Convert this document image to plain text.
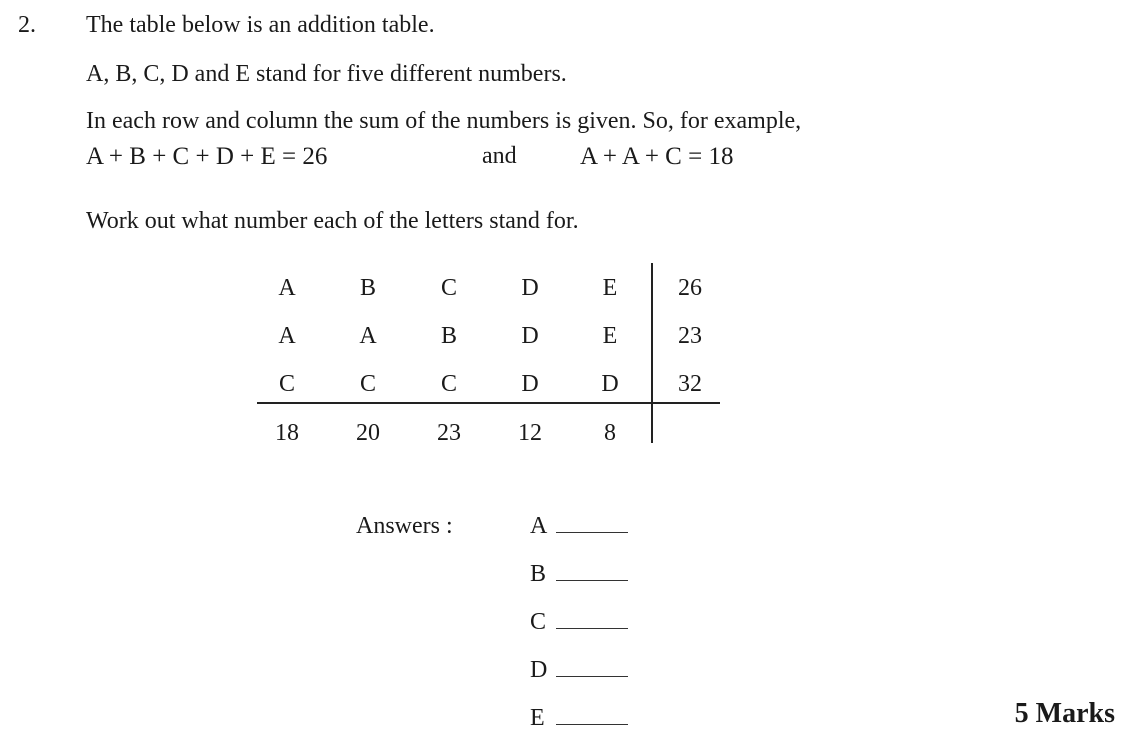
2. The table below is an addition table.
A, B, C, D and E stand for five different numbers.
In each row and column the sum of the numbers is given. So, for example,
A + B + C + D + E = 26	and	A + A + C = 18
Work out what number each of the letters stand for.
A	B	C	D	E	26
A	A	B	D	E	23
C	C	C	D	D	32
18	20	23	12	8
Answers :	A
B
C
D
E	5 Marks
